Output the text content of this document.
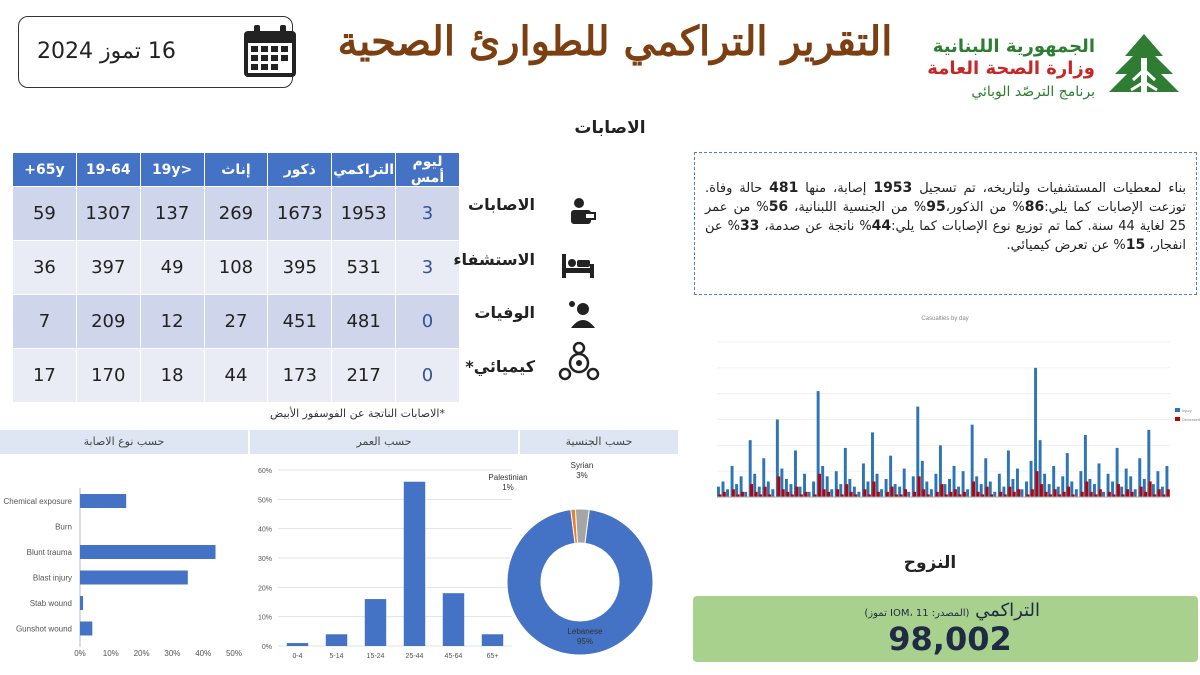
16 تموز 2024	التقرير التراكمي للطوارئ الصحية	الجمهورية اللبنانية
وزارة الصحة العامة
برنامج الترصّد الوبائي
الاصابات
65y+	19-64	<19y	إناث	ذكور	التراكمي	ليوم أمس
59	1307	137	269	1673	1953	3
36	397	49	108	395	531	3
7	209	12	27	451	481	0
17	170	18	44	173	217	0
الاصابات
الاستشفاء
الوفيات
كيميائي*
*الاصابات الناتجة عن الفوسفور الأبيض
بناء لمعطيات المستشفيات ولتاريخه، تم تسجيل 1953 إصابة، منها 481 حالة وفاة. توزعت الإصابات كما يلي:86% من الذكور،95% من الجنسية اللبنانية، 56% من عمر 25 لغاية 44 سنة. كما تم توزيع نوع الإصابات كما يلي:44% ناتجة عن صدمة، 33% عن انفجار، 15% عن تعرض كيميائي.
حسب نوع الاصابة	حسب العمر	حسب الجنسية
Chemical exposure
Burn
Blunt trauma
Blast injury
Stab wound
Gunshot wound
0% 10% 20% 30% 40% 50%
0%
10%
20%
30%
40%
50%
60%
0-4	5-14	15-24	25-44	45-64	65+
Lebanese
95%
Palestinian
1%
Syrian
3%
Casualties by day
Injury
Deceased
النزوح
التراكمي (المصدر: IOM، 11 تموز)
98,002
